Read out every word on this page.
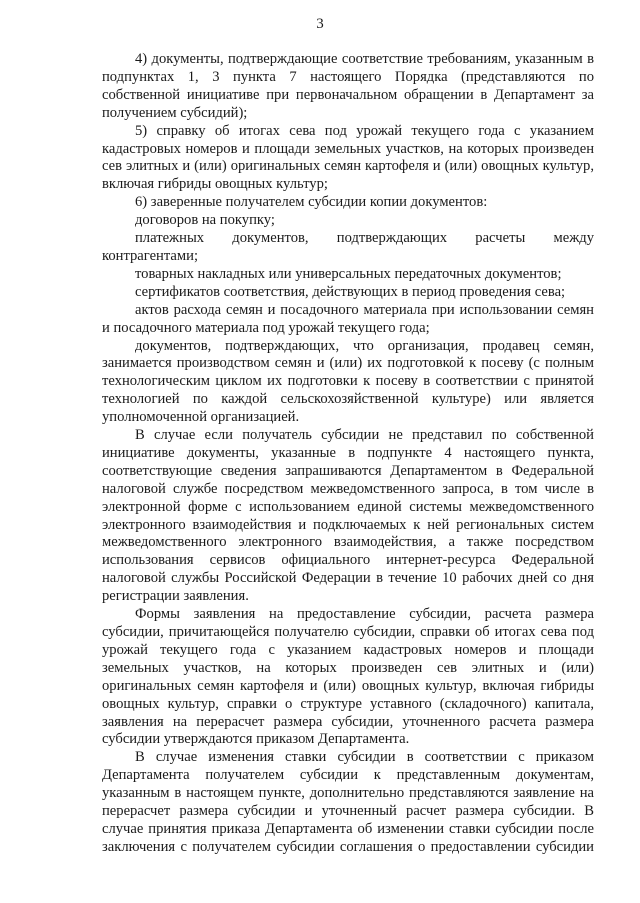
3

4) документы, подтверждающие соответствие требованиям, указанным в подпунктах 1, 3 пункта 7 настоящего Порядка (представляются по собственной инициативе при первоначальном обращении в Департамент за получением субсидий);

5) справку об итогах сева под урожай текущего года с указанием кадастровых номеров и площади земельных участков, на которых произведен сев элитных и (или) оригинальных семян картофеля и (или) овощных культур, включая гибриды овощных культур;

6) заверенные получателем субсидии копии документов:

договоров на покупку;

платежных документов, подтверждающих расчеты между контрагентами;

товарных накладных или универсальных передаточных документов;

сертификатов соответствия, действующих в период проведения сева;

актов расхода семян и посадочного материала при использовании семян и посадочного материала под урожай текущего года;

документов, подтверждающих, что организация, продавец семян, занимается производством семян и (или) их подготовкой к посеву (с полным технологическим циклом их подготовки к посеву в соответствии с принятой технологией по каждой сельскохозяйственной культуре) или является уполномоченной организацией.

В случае если получатель субсидии не представил по собственной инициативе документы, указанные в подпункте 4 настоящего пункта, соответствующие сведения запрашиваются Департаментом в Федеральной налоговой службе посредством межведомственного запроса, в том числе в электронной форме с использованием единой системы межведомственного электронного взаимодействия и подключаемых к ней региональных систем межведомственного электронного взаимодействия, а также посредством использования сервисов официального интернет-ресурса Федеральной налоговой службы Российской Федерации в течение 10 рабочих дней со дня регистрации заявления.

Формы заявления на предоставление субсидии, расчета размера субсидии, причитающейся получателю субсидии, справки об итогах сева под урожай текущего года с указанием кадастровых номеров и площади земельных участков, на которых произведен сев элитных и (или) оригинальных семян картофеля и (или) овощных культур, включая гибриды овощных культур, справки о структуре уставного (складочного) капитала, заявления на перерасчет размера субсидии, уточненного расчета размера субсидии утверждаются приказом Департамента.

В случае изменения ставки субсидии в соответствии с приказом Департамента получателем субсидии к представленным документам, указанным в настоящем пункте, дополнительно представляются заявление на перерасчет размера субсидии и уточненный расчет размера субсидии. В случае принятия приказа Департамента об изменении ставки субсидии после заключения с получателем субсидии соглашения о предоставлении субсидии
